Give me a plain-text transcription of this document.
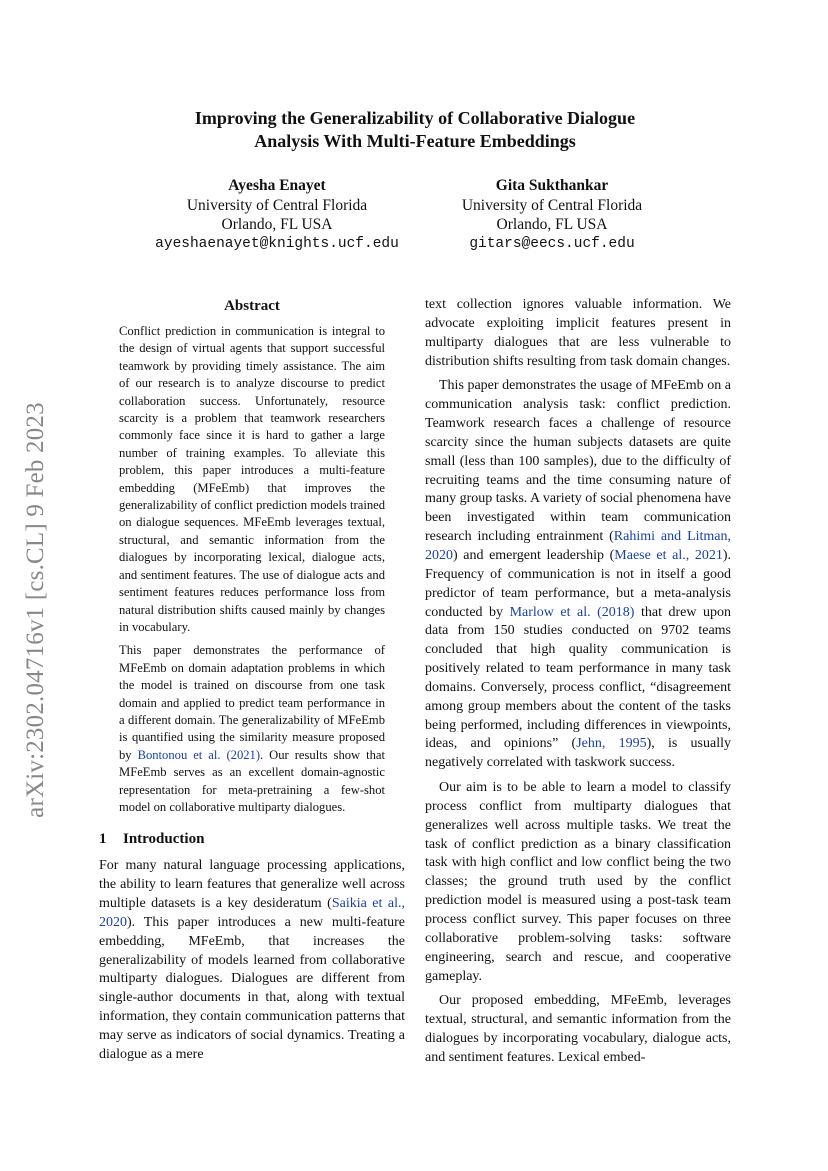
arXiv:2302.04716v1 [cs.CL] 9 Feb 2023
Improving the Generalizability of Collaborative Dialogue
Analysis With Multi-Feature Embeddings
Ayesha Enayet
University of Central Florida
Orlando, FL USA
ayeshaenayet@knights.ucf.edu
Gita Sukthankar
University of Central Florida
Orlando, FL USA
gitars@eecs.ucf.edu
Abstract

Conflict prediction in communication is integral to the design of virtual agents that support successful teamwork by providing timely assistance. The aim of our research is to analyze discourse to predict collaboration success. Unfortunately, resource scarcity is a problem that teamwork researchers commonly face since it is hard to gather a large number of training examples. To alleviate this problem, this paper introduces a multi-feature embedding (MFeEmb) that improves the generalizability of conflict prediction models trained on dialogue sequences. MFeEmb leverages textual, structural, and semantic information from the dialogues by incorporating lexical, dialogue acts, and sentiment features. The use of dialogue acts and sentiment features reduces performance loss from natural distribution shifts caused mainly by changes in vocabulary.

This paper demonstrates the performance of MFeEmb on domain adaptation problems in which the model is trained on discourse from one task domain and applied to predict team performance in a different domain. The generalizability of MFeEmb is quantified using the similarity measure proposed by Bontonou et al. (2021). Our results show that MFeEmb serves as an excellent domain-agnostic representation for meta-pretraining a few-shot model on collaborative multiparty dialogues.

1 Introduction

For many natural language processing applications, the ability to learn features that generalize well across multiple datasets is a key desideratum (Saikia et al., 2020). This paper introduces a new multi-feature embedding, MFeEmb, that increases the generalizability of models learned from collaborative multiparty dialogues. Dialogues are different from single-author documents in that, along with textual information, they contain communication patterns that may serve as indicators of social dynamics. Treating a dialogue as a mere

text collection ignores valuable information. We advocate exploiting implicit features present in multiparty dialogues that are less vulnerable to distribution shifts resulting from task domain changes.

This paper demonstrates the usage of MFeEmb on a communication analysis task: conflict prediction. Teamwork research faces a challenge of resource scarcity since the human subjects datasets are quite small (less than 100 samples), due to the difficulty of recruiting teams and the time consuming nature of many group tasks. A variety of social phenomena have been investigated within team communication research including entrainment (Rahimi and Litman, 2020) and emergent leadership (Maese et al., 2021). Frequency of communication is not in itself a good predictor of team performance, but a meta-analysis conducted by Marlow et al. (2018) that drew upon data from 150 studies conducted on 9702 teams concluded that high quality communication is positively related to team performance in many task domains. Conversely, process conflict, “disagreement among group members about the content of the tasks being performed, including differences in viewpoints, ideas, and opinions” (Jehn, 1995), is usually negatively correlated with taskwork success.

Our aim is to be able to learn a model to classify process conflict from multiparty dialogues that generalizes well across multiple tasks. We treat the task of conflict prediction as a binary classification task with high conflict and low conflict being the two classes; the ground truth used by the conflict prediction model is measured using a post-task team process conflict survey. This paper focuses on three collaborative problem-solving tasks: software engineering, search and rescue, and cooperative gameplay.

Our proposed embedding, MFeEmb, leverages textual, structural, and semantic information from the dialogues by incorporating vocabulary, dialogue acts, and sentiment features. Lexical embed-
